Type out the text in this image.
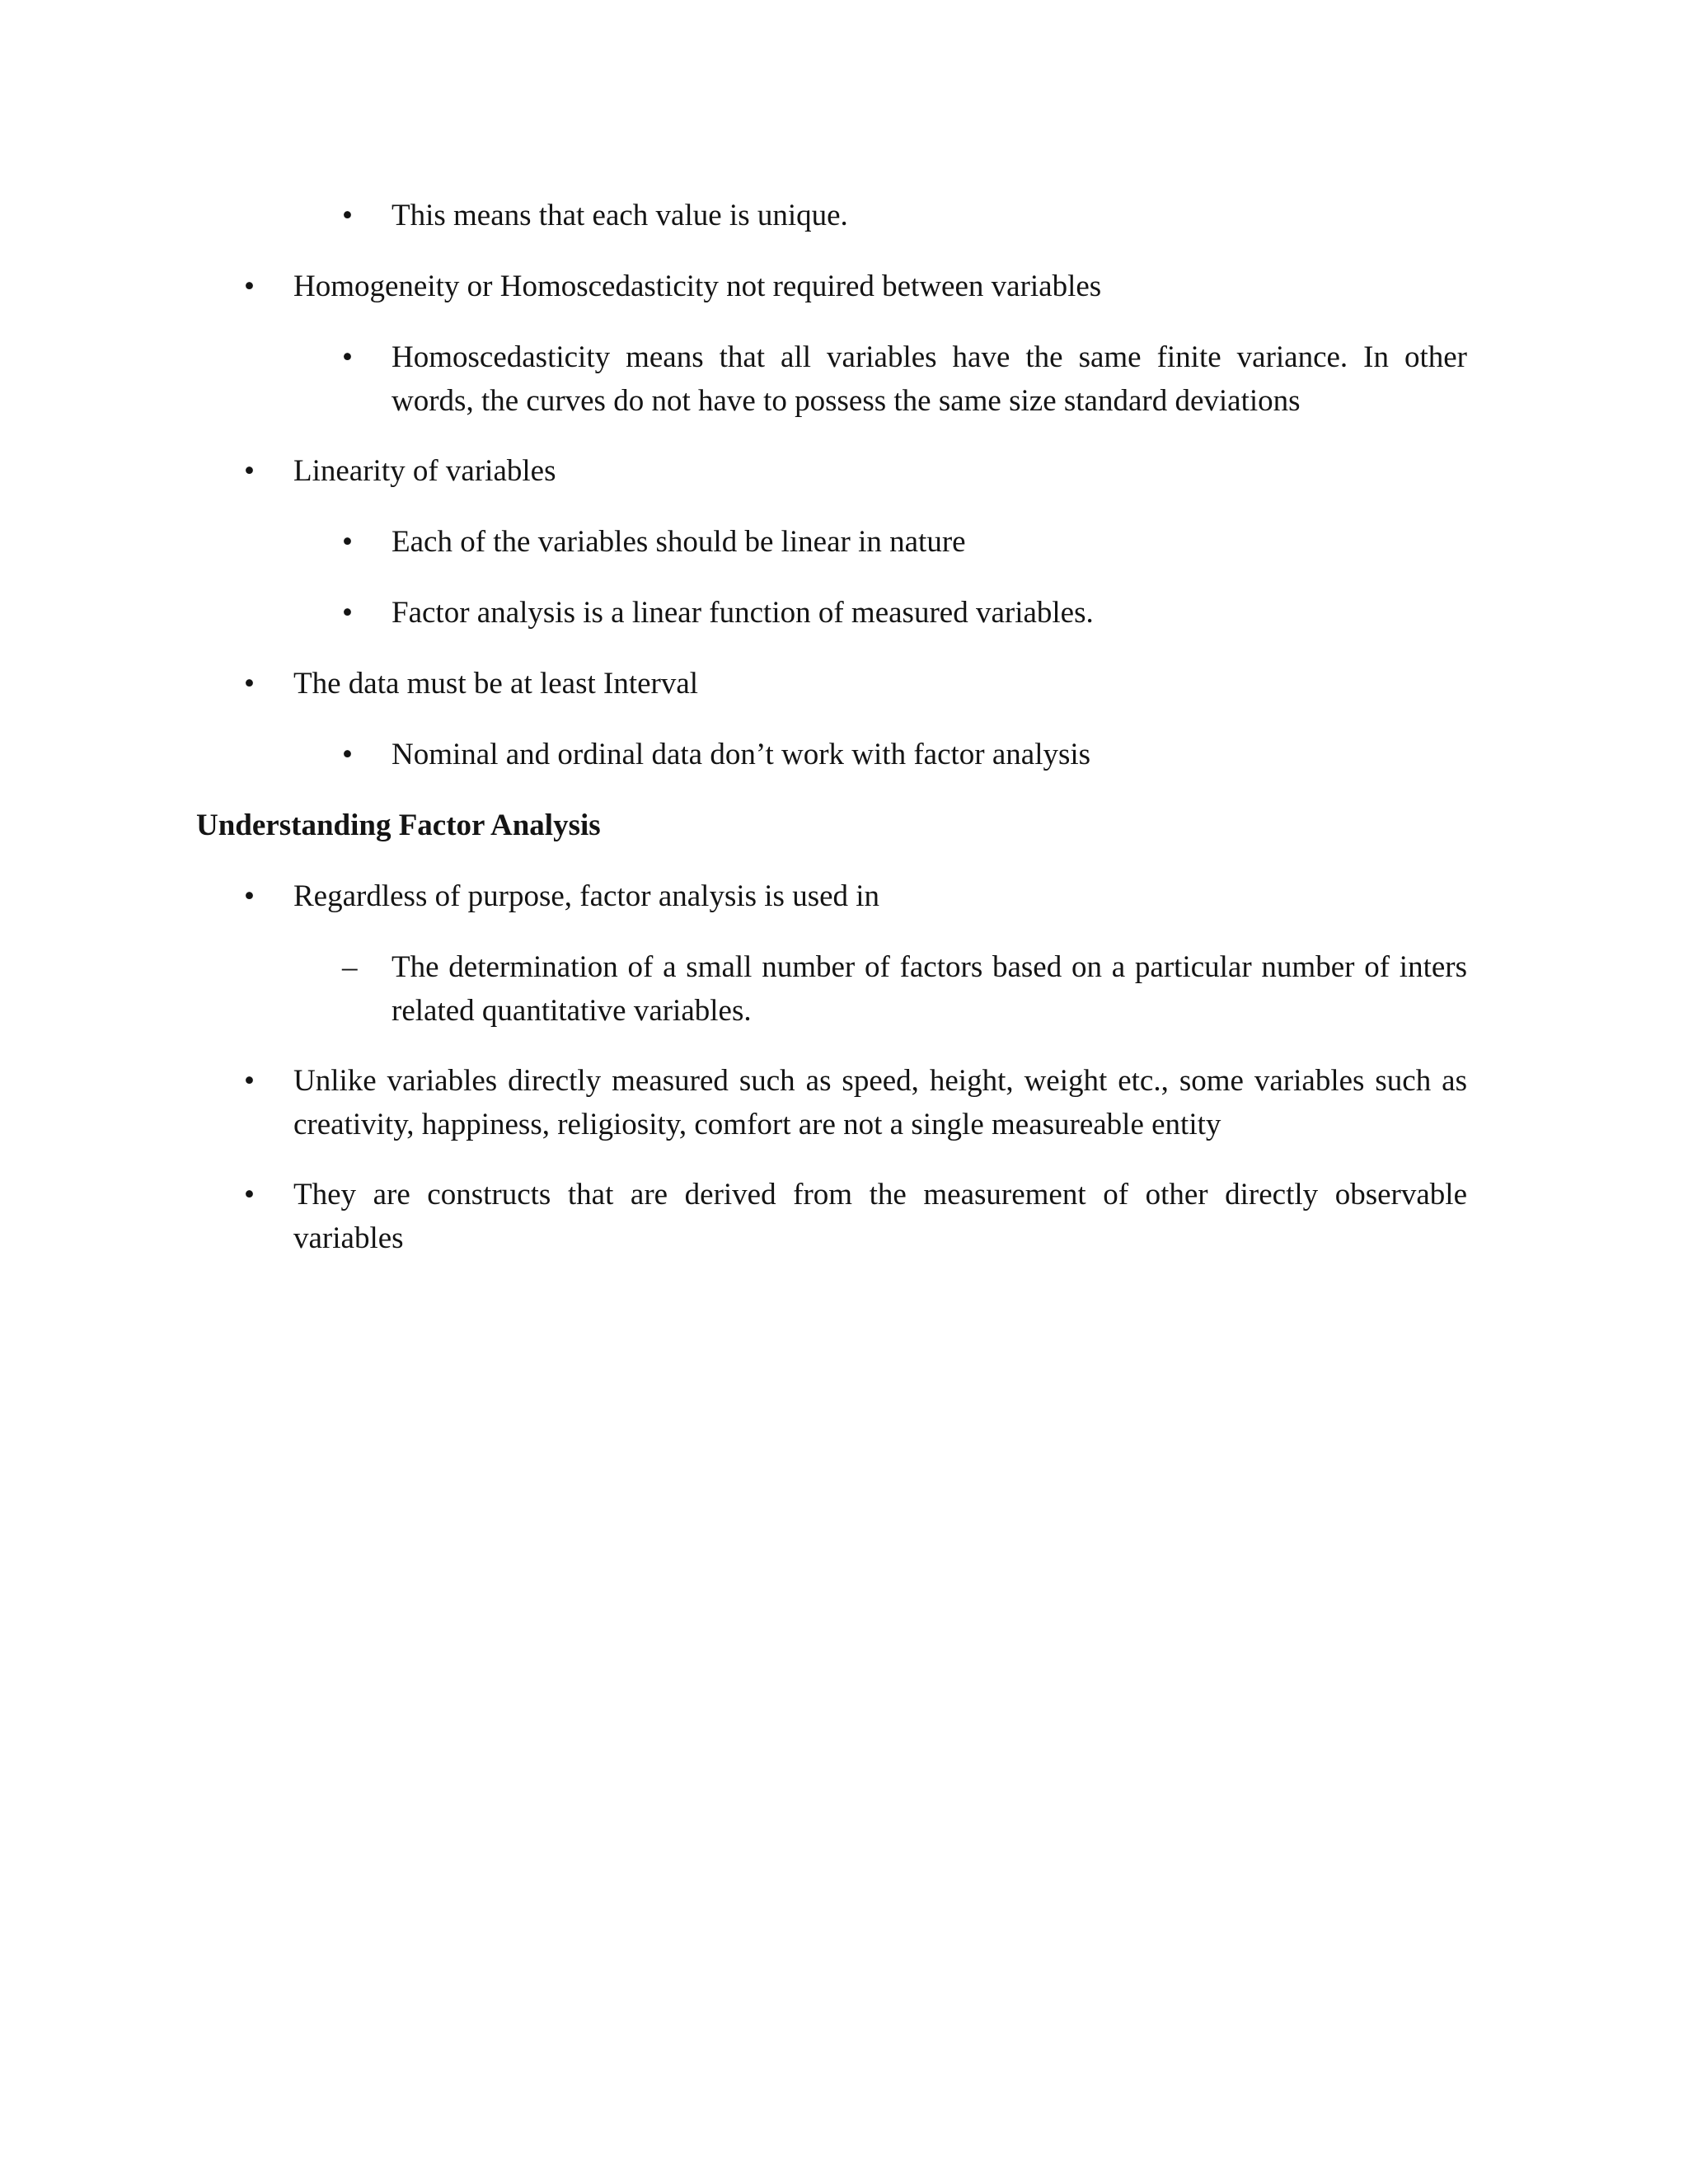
• This means that each value is unique.
• Homogeneity or Homoscedasticity not required between variables
• Homoscedasticity means that all variables have the same finite variance. In other words, the curves do not have to possess the same size standard deviations
• Linearity of variables
• Each of the variables should be linear in nature
• Factor analysis is a linear function of measured variables.
• The data must be at least Interval
• Nominal and ordinal data don’t work with factor analysis
Understanding Factor Analysis
• Regardless of purpose, factor analysis is used in
– The determination of a small number of factors based on a particular number of inters related quantitative variables.
• Unlike variables directly measured such as speed, height, weight etc., some variables such as creativity, happiness, religiosity, comfort are not a single measureable entity
• They are constructs that are derived from the measurement of other directly observable variables
